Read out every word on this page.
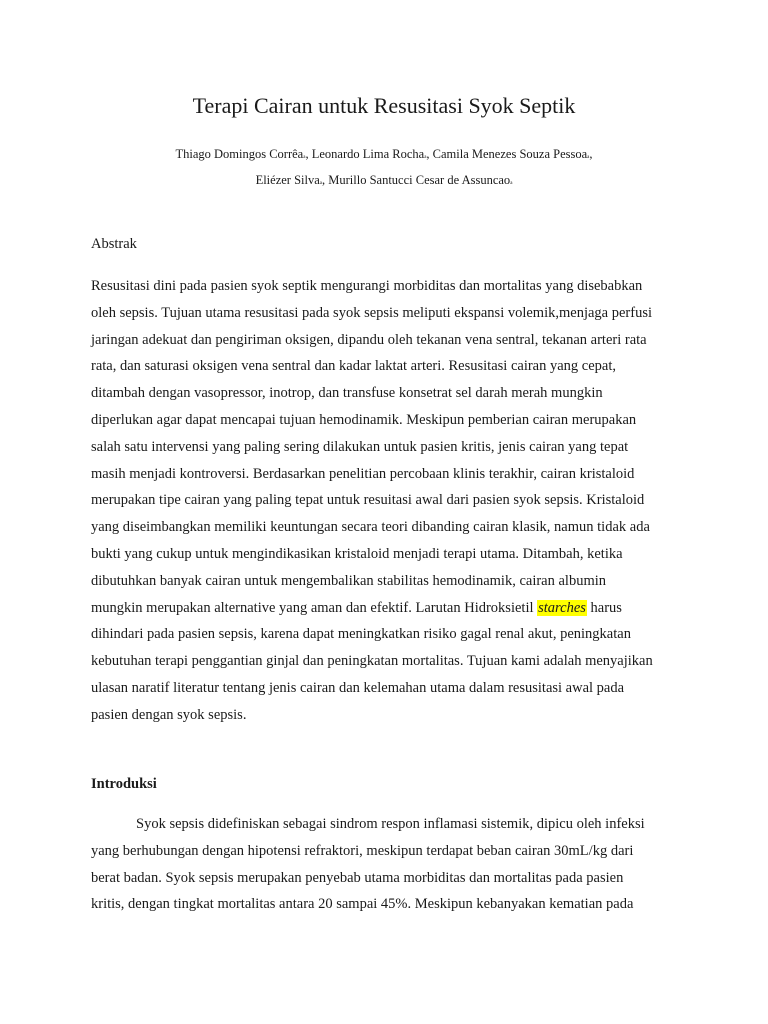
Terapi Cairan untuk Resusitasi Syok Septik
Thiago Domingos Corrêaa, Leonardo Lima Rochaa, Camila Menezes Souza Pessoaa,
Eliézer Silvaa, Murillo Santucci Cesar de Assuncaoa
Abstrak

Resusitasi dini pada pasien syok septik mengurangi morbiditas dan mortalitas yang disebabkan
oleh sepsis. Tujuan utama resusitasi pada syok sepsis meliputi ekspansi volemik,menjaga perfusi
jaringan adekuat dan pengiriman oksigen, dipandu oleh tekanan vena sentral, tekanan arteri rata
rata, dan saturasi oksigen vena sentral dan kadar laktat arteri. Resusitasi cairan yang cepat,
ditambah dengan vasopressor, inotrop, dan transfuse konsetrat sel darah merah mungkin
diperlukan agar dapat mencapai tujuan hemodinamik. Meskipun pemberian cairan merupakan
salah satu intervensi yang paling sering dilakukan untuk pasien kritis, jenis cairan yang tepat
masih menjadi kontroversi. Berdasarkan penelitian percobaan klinis terakhir, cairan kristaloid
merupakan tipe cairan yang paling tepat untuk resuitasi awal dari pasien syok sepsis. Kristaloid
yang diseimbangkan memiliki keuntungan secara teori dibanding cairan klasik, namun tidak ada
bukti yang cukup untuk mengindikasikan kristaloid menjadi terapi utama. Ditambah, ketika
dibutuhkan banyak cairan untuk mengembalikan stabilitas hemodinamik, cairan albumin
mungkin merupakan alternative yang aman dan efektif. Larutan Hidroksietil starches harus
dihindari pada pasien sepsis, karena dapat meningkatkan risiko gagal renal akut, peningkatan
kebutuhan terapi penggantian ginjal dan peningkatan mortalitas. Tujuan kami adalah menyajikan
ulasan naratif literatur tentang jenis cairan dan kelemahan utama dalam resusitasi awal pada
pasien dengan syok sepsis.

Introduksi

Syok sepsis didefiniskan sebagai sindrom respon inflamasi sistemik, dipicu oleh infeksi
yang berhubungan dengan hipotensi refraktori, meskipun terdapat beban cairan 30mL/kg dari
berat badan. Syok sepsis merupakan penyebab utama morbiditas dan mortalitas pada pasien
kritis, dengan tingkat mortalitas antara 20 sampai 45%. Meskipun kebanyakan kematian pada
